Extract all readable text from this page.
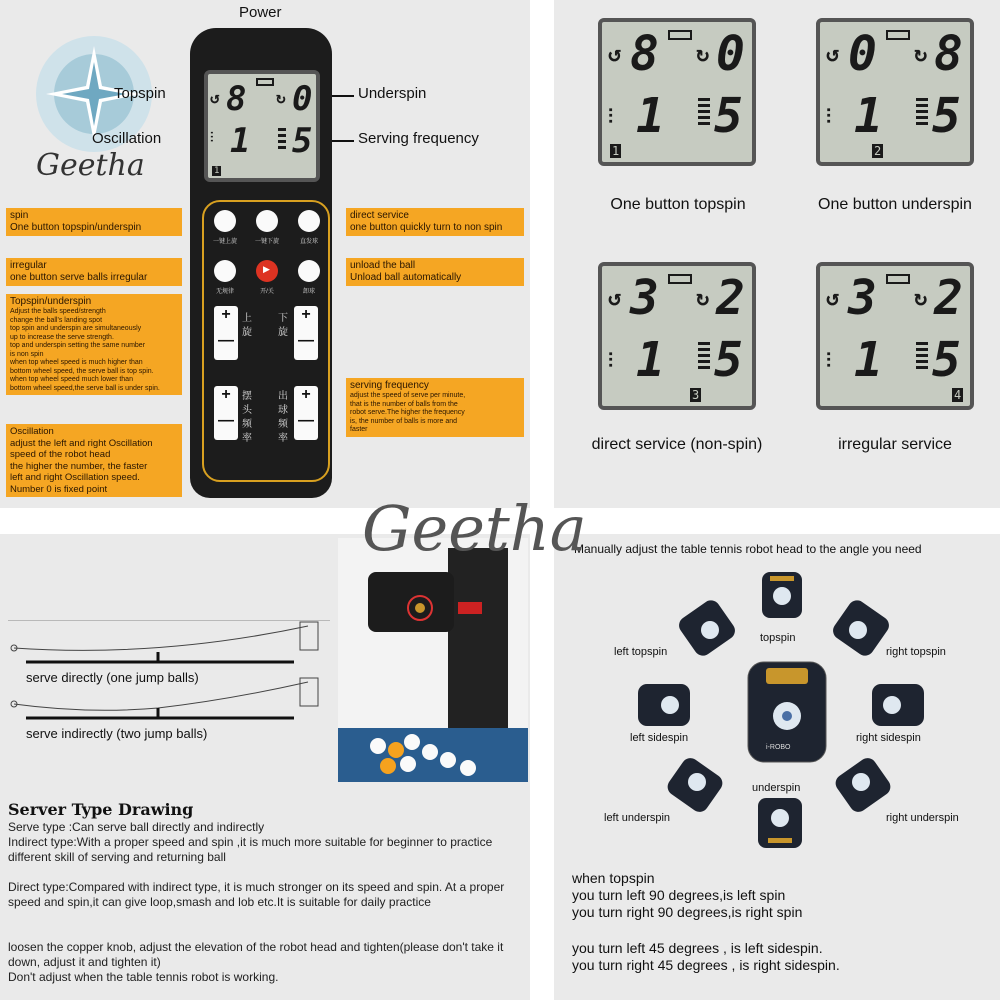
Geetha
Power
Topspin	Underspin
Oscillation	Serving frequency
↺ 8 ↻ 0
⫶ 1 5
1
一键上旋	一键下旋	直发球
无规律
▶	开/关	卸球
+
—
上旋
下旋
+
—
+
—
摆头频率
出球频率
+
—
spin
One button topspin/underspin
direct service
one button quickly turn to non spin
irregular
one button serve balls irregular
unload the ball
Unload ball automatically
Topspin/underspin
Adjust the balls speed/strength
change the ball's landing spot
top spin and underspin are simultaneously
up to increase the serve strength.
top and underspin setting the same number
is non spin
when top wheel speed is much higher than
bottom wheel speed, the serve ball is top spin.
when top wheel speed much lower than
bottom wheel speed,the serve ball is under spin.	serving frequency
adjust the speed of serve per minute,
that is the number of balls from the
robot serve.The higher the frequency
is, the number of balls is more and
faster
Oscillation
adjust the left and right Oscillation
speed of the robot head
the higher the number, the faster
left and right Oscillation speed.
Number 0 is fixed point
↺ 8 ↻ 0
⫶ 1 5
1
One button topspin
↺ 0 ↻ 8
⫶ 1 5
2
One button underspin
↺ 3 ↻ 2
⫶ 1 5
3
direct service (non-spin)
↺ 3 ↻ 2
⫶ 1 5
4
irregular service
serve directly (one jump balls)
serve indirectly (two jump balls)
Server Type Drawing
Serve type :Can serve ball directly and indirectly
Indirect type:With a proper speed and spin ,it is much more suitable for beginner to practice different skill of serving and returning ball
Direct type:Compared with indirect type, it is much stronger on its speed and spin. At a proper speed and spin,it can give loop,smash and lob etc.It is suitable for daily practice
loosen the copper knob, adjust the elevation of the robot head and tighten(please don't take it down, adjust it and tighten it)
Don't adjust when the table tennis robot is working.
Manually adjust the table tennis robot head to the angle you need
topspin
left topspin	right topspin
left sidespin
i-ROBO
right sidespin
left underspin
underspin
right underspin
when topspin
you turn left 90 degrees,is left spin
you turn right 90 degrees,is right spin
you turn left 45 degrees , is left sidespin.
you turn right 45 degrees , is right sidespin.
Geetha
